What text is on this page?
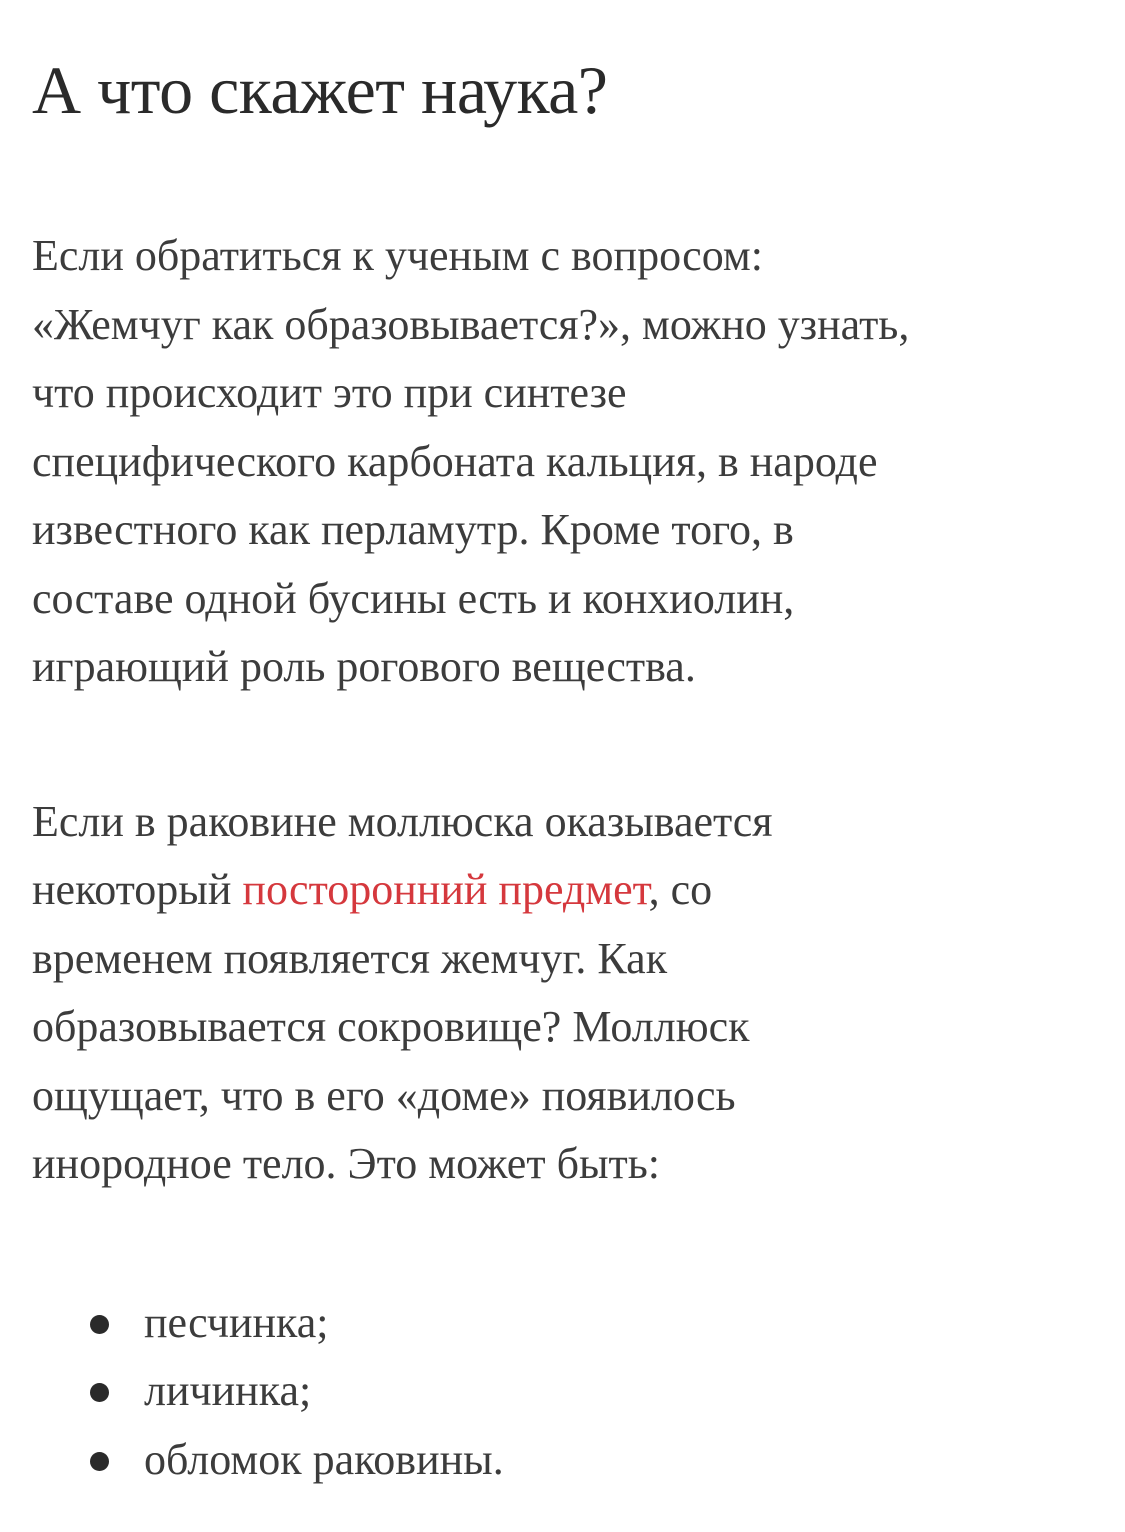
А что скажет наука?

Если обратиться к ученым с вопросом:
«Жемчуг как образовывается?», можно узнать,
что происходит это при синтезе
специфического карбоната кальция, в народе
известного как перламутр. Кроме того, в
составе одной бусины есть и конхиолин,
играющий роль рогового вещества.

Если в раковине моллюска оказывается
некоторый посторонний предмет, со
временем появляется жемчуг. Как
образовывается сокровище? Моллюск
ощущает, что в его «доме» появилось
инородное тело. Это может быть:

песчинка;
личинка;
обломок раковины.
